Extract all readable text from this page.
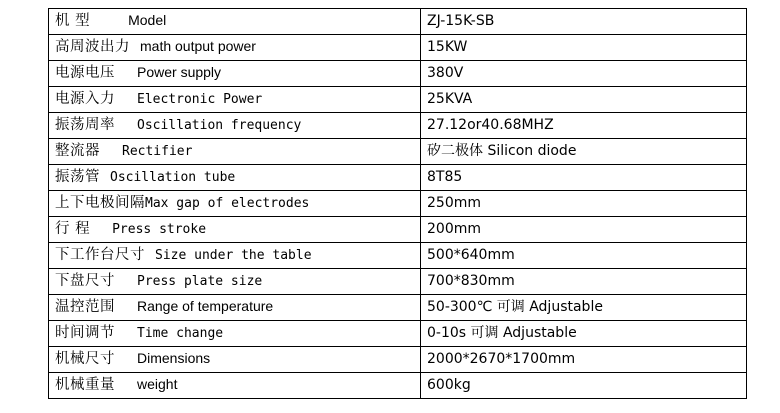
机 型 Model	ZJ-15K-SB
高周波出力 math output power	15KW
电源电压 Power supply	380V
电源入力 Electronic Power	25KVA
振荡周率 Oscillation frequency	27.12or40.68MHZ
整流器 Rectifier	矽二极体 Silicon diode
振荡管 Oscillation tube	8T85
上下电极间隔Max gap of electrodes	250mm
行 程 Press stroke	200mm
下工作台尺寸 Size under the table	500*640mm
下盘尺寸 Press plate size	700*830mm
温控范围 Range of temperature	50-300℃ 可调 Adjustable
时间调节 Time change	0-10s 可调 Adjustable
机械尺寸 Dimensions	2000*2670*1700mm
机械重量 weight	600kg
